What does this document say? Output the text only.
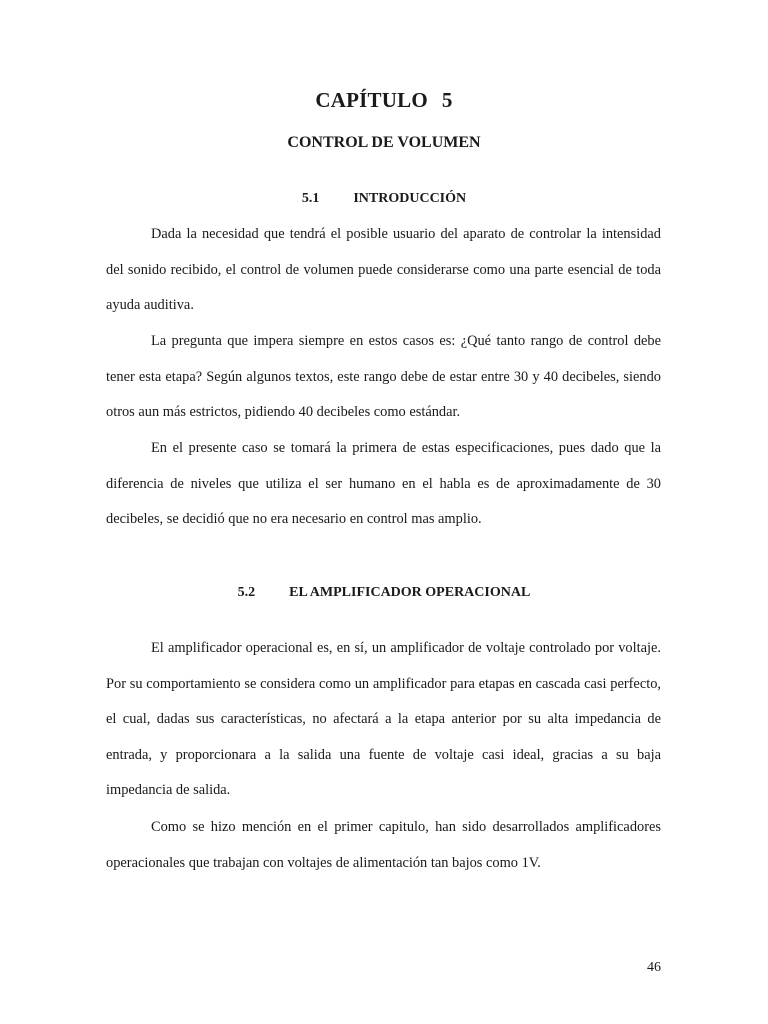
CAPÍTULO 5
CONTROL DE VOLUMEN
5.1 INTRODUCCIÓN

Dada la necesidad que tendrá el posible usuario del aparato de controlar la intensidad del sonido recibido, el control de volumen puede considerarse como una parte esencial de toda ayuda auditiva.

La pregunta que impera siempre en estos casos es: ¿Qué tanto rango de control debe tener esta etapa? Según algunos textos, este rango debe de estar entre 30 y 40 decibeles, siendo otros aun más estrictos, pidiendo 40 decibeles como estándar.

En el presente caso se tomará la primera de estas especificaciones, pues dado que la diferencia de niveles que utiliza el ser humano en el habla es de aproximadamente de 30 decibeles, se decidió que no era necesario en control mas amplio.

5.2 EL AMPLIFICADOR OPERACIONAL

El amplificador operacional es, en sí, un amplificador de voltaje controlado por voltaje. Por su comportamiento se considera como un amplificador para etapas en cascada casi perfecto, el cual, dadas sus características, no afectará a la etapa anterior por su alta impedancia de entrada, y proporcionara a la salida una fuente de voltaje casi ideal, gracias a su baja impedancia de salida.

Como se hizo mención en el primer capitulo, han sido desarrollados amplificadores operacionales que trabajan con voltajes de alimentación tan bajos como 1V.

46
